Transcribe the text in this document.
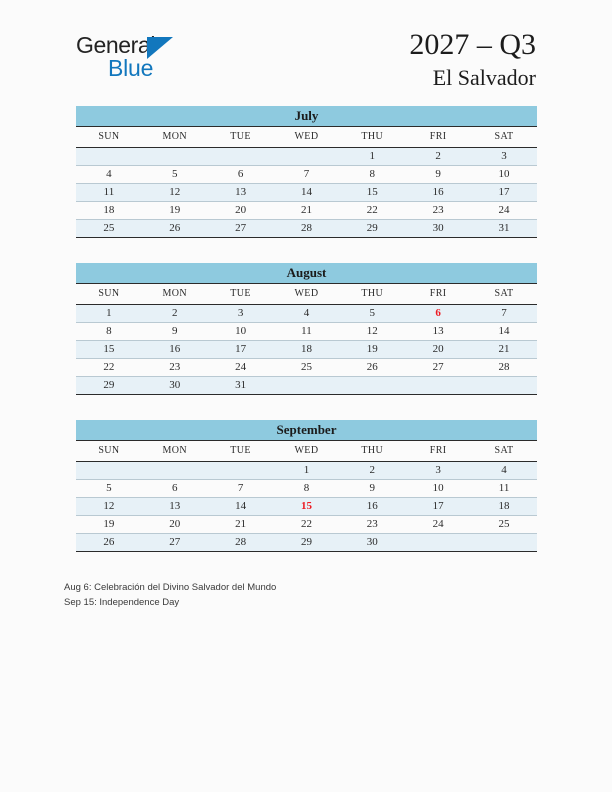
General
Blue
2027 – Q3
El Salvador
July						
SUN	MON	TUE	WED	THU	FRI	SAT
				1	2	3
4	5	6	7	8	9	10
11	12	13	14	15	16	17
18	19	20	21	22	23	24
25	26	27	28	29	30	31
August						
SUN	MON	TUE	WED	THU	FRI	SAT
1	2	3	4	5	6	7
8	9	10	11	12	13	14
15	16	17	18	19	20	21
22	23	24	25	26	27	28
29	30	31				
September						
SUN	MON	TUE	WED	THU	FRI	SAT
			1	2	3	4
5	6	7	8	9	10	11
12	13	14	15	16	17	18
19	20	21	22	23	24	25
26	27	28	29	30		
Aug 6: Celebración del Divino Salvador del Mundo
Sep 15: Independence Day
